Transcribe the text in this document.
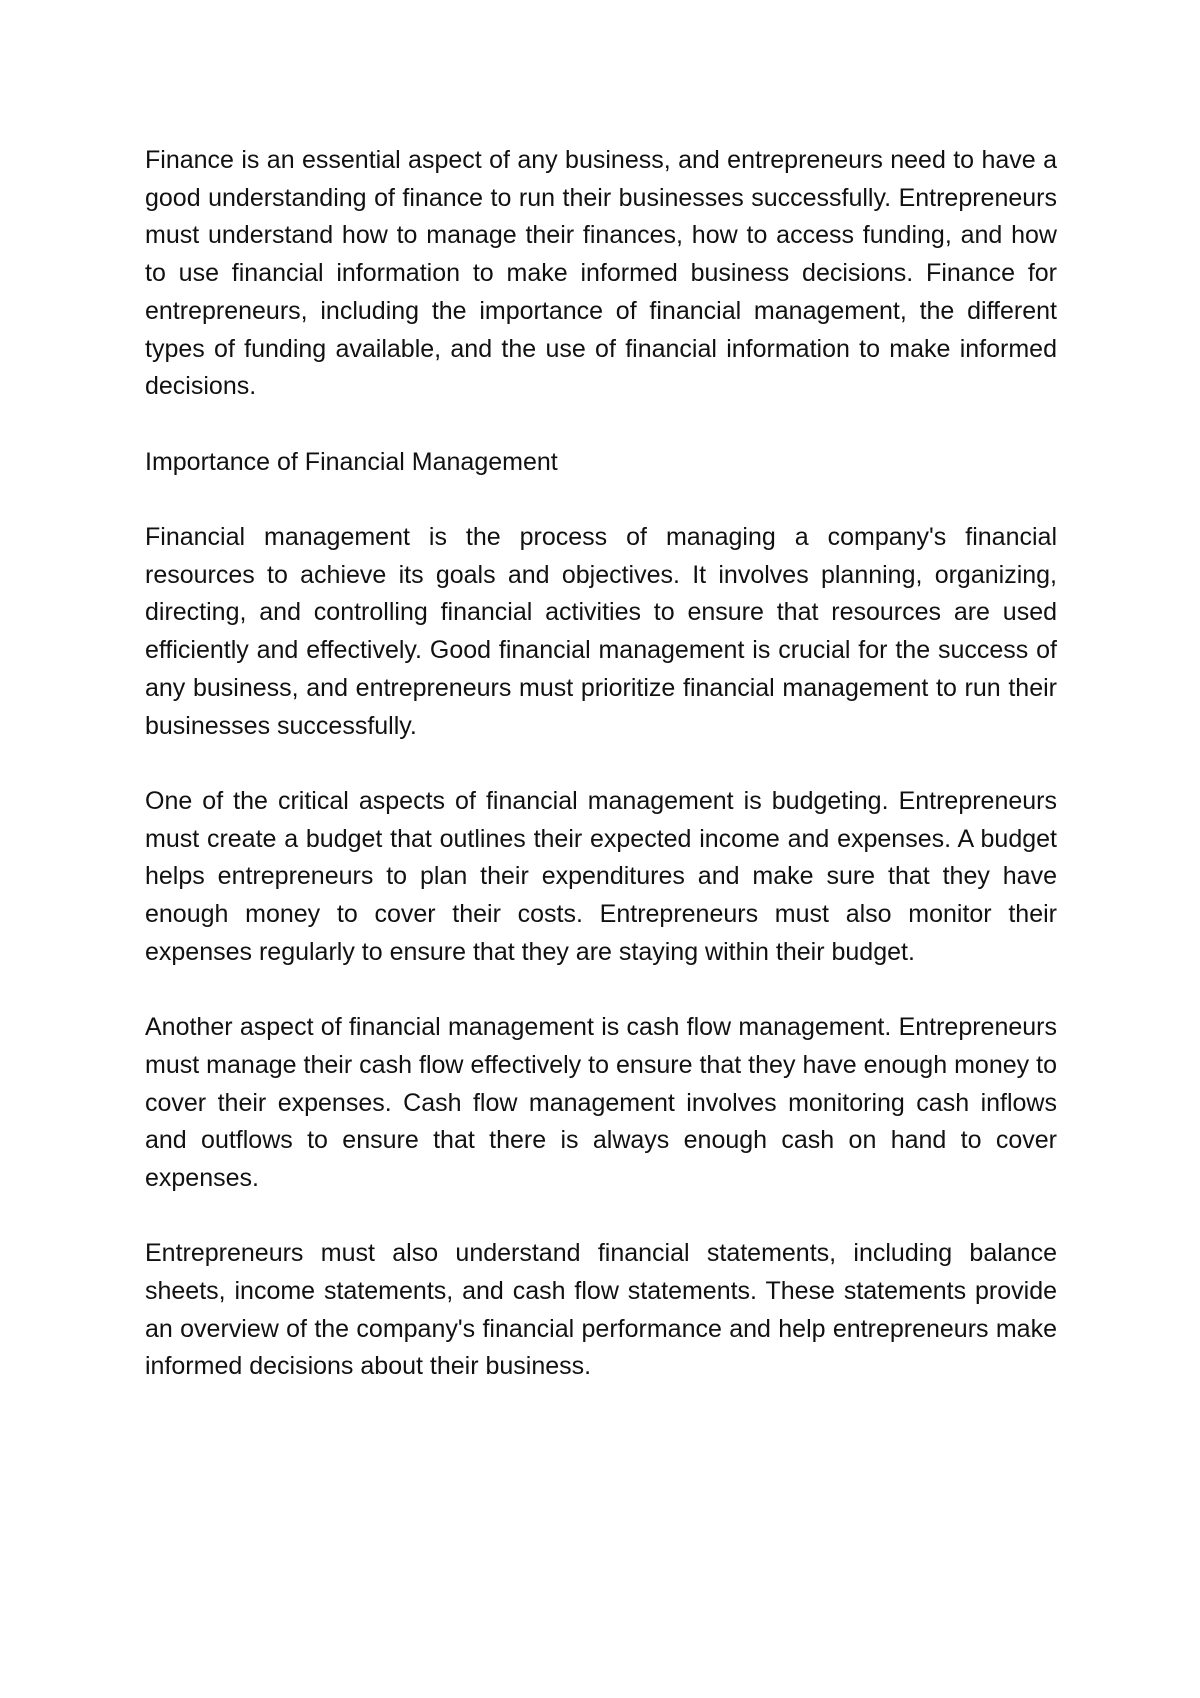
Finance is an essential aspect of any business, and entrepreneurs need to have a good understanding of finance to run their businesses successfully. Entrepreneurs must understand how to manage their finances, how to access funding, and how to use financial information to make informed business decisions. Finance for entrepreneurs, including the importance of financial management, the different types of funding available, and the use of financial information to make informed decisions.

Importance of Financial Management

Financial management is the process of managing a company's financial resources to achieve its goals and objectives. It involves planning, organizing, directing, and controlling financial activities to ensure that resources are used efficiently and effectively. Good financial management is crucial for the success of any business, and entrepreneurs must prioritize financial management to run their businesses successfully.

One of the critical aspects of financial management is budgeting. Entrepreneurs must create a budget that outlines their expected income and expenses. A budget helps entrepreneurs to plan their expenditures and make sure that they have enough money to cover their costs. Entrepreneurs must also monitor their expenses regularly to ensure that they are staying within their budget.

Another aspect of financial management is cash flow management. Entrepreneurs must manage their cash flow effectively to ensure that they have enough money to cover their expenses. Cash flow management involves monitoring cash inflows and outflows to ensure that there is always enough cash on hand to cover expenses.

Entrepreneurs must also understand financial statements, including balance sheets, income statements, and cash flow statements. These statements provide an overview of the company's financial performance and help entrepreneurs make informed decisions about their business.
